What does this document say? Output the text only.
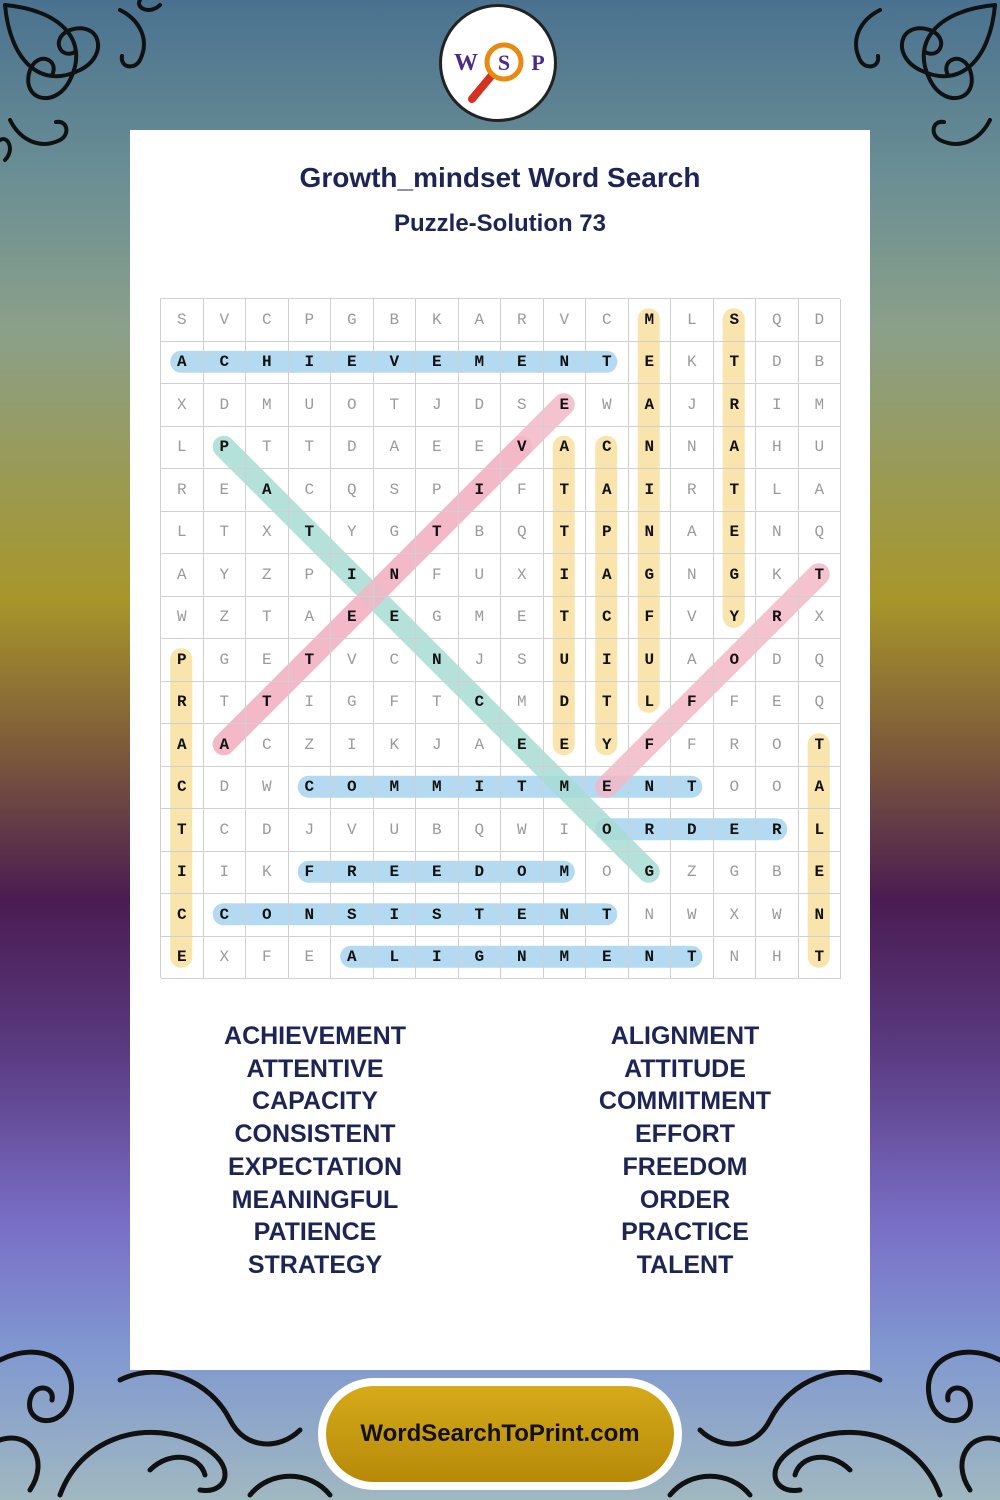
W S P
Growth_mindset Word Search
Puzzle-Solution 73
S	V	C	P	G	B	K	A	R	V	C	M	L	S	Q	D
A	C	H	I	E	V	E	M	E	N	T	E	K	T	D	B
X	D	M	U	O	T	J	D	S	E	W	A	J	R	I	M
L	P	T	T	D	A	E	E	V	A	C	N	N	A	H	U
R	E	A	C	Q	S	P	I	F	T	A	I	R	T	L	A
L	T	X	T	Y	G	T	B	Q	T	P	N	A	E	N	Q
A	Y	Z	P	I	N	F	U	X	I	A	G	N	G	K	T
W	Z	T	A	E	E	G	M	E	T	C	F	V	Y	R	X
P	G	E	T	V	C	N	J	S	U	I	U	A	O	D	Q
R	T	T	I	G	F	T	C	M	D	T	L	F	F	E	Q
A	A	C	Z	I	K	J	A	E	E	Y	F	F	R	O	T
C	D	W	C	O	M	M	I	T	M	E	N	T	O	O	A
T	C	D	J	V	U	B	Q	W	I	O	R	D	E	R	L
I	I	K	F	R	E	E	D	O	M	O	G	Z	G	B	E
C	C	O	N	S	I	S	T	E	N	T	N	W	X	W	N
E	X	F	E	A	L	I	G	N	M	E	N	T	N	H	T
ACHIEVEMENT
ATTENTIVE
CAPACITY
CONSISTENT
EXPECTATION
MEANINGFUL
PATIENCE
STRATEGY
ALIGNMENT
ATTITUDE
COMMITMENT
EFFORT
FREEDOM
ORDER
PRACTICE
TALENT
WordSearchToPrint.com
